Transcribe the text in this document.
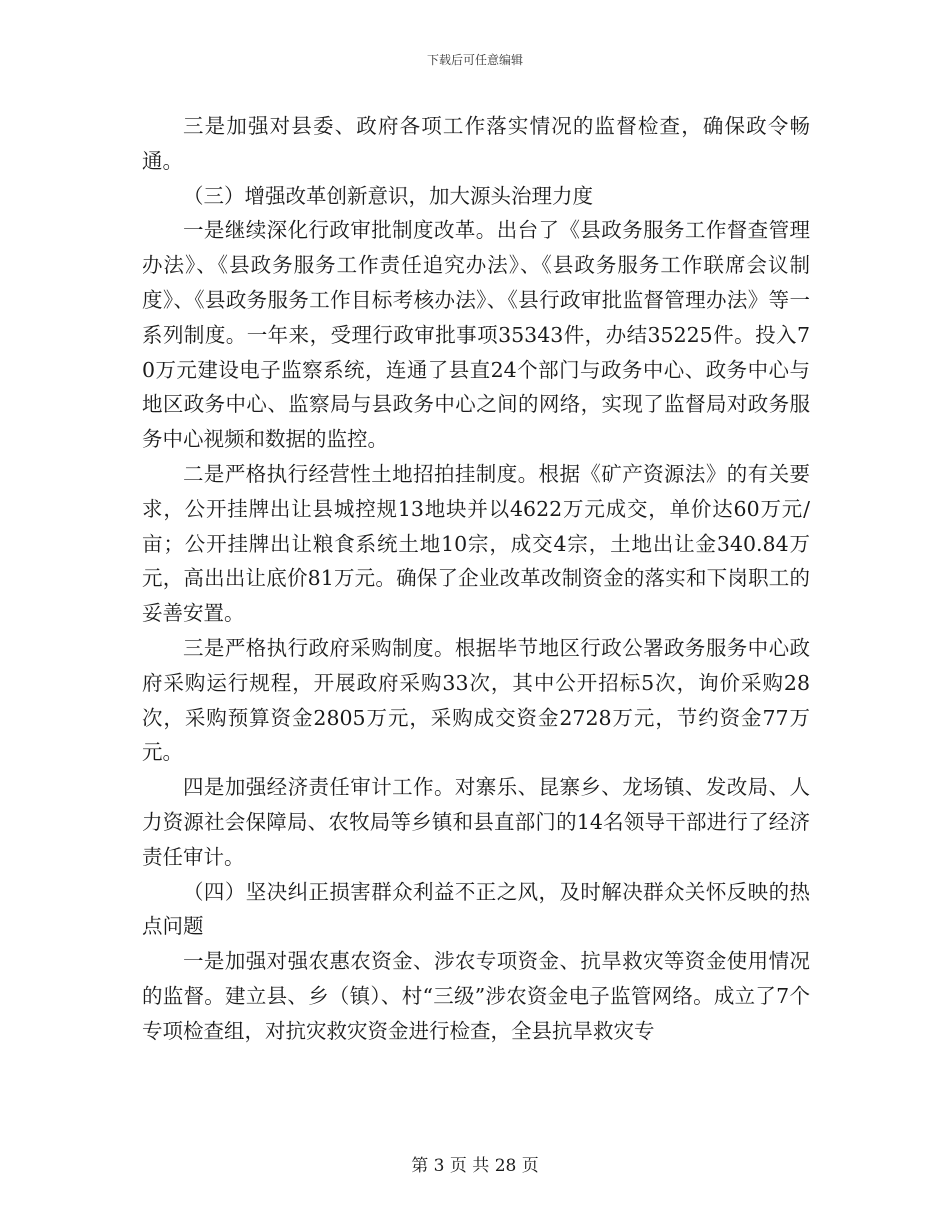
下载后可任意编辑

三是加强对县委、政府各项工作落实情况的监督检查，确保政令畅通。

（三）增强改革创新意识，加大源头治理力度

一是继续深化行政审批制度改革。出台了《县政务服务工作督查管理办法》、《县政务服务工作责任追究办法》、《县政务服务工作联席会议制度》、《县政务服务工作目标考核办法》、《县行政审批监督管理办法》等一系列制度。一年来，受理行政审批事项35343件，办结35225件。投入70万元建设电子监察系统，连通了县直24个部门与政务中心、政务中心与地区政务中心、监察局与县政务中心之间的网络，实现了监督局对政务服务中心视频和数据的监控。

二是严格执行经营性土地招拍挂制度。根据《矿产资源法》的有关要求，公开挂牌出让县城控规13地块并以4622万元成交，单价达60万元/亩；公开挂牌出让粮食系统土地10宗，成交4宗，土地出让金340.84万元，高出出让底价81万元。确保了企业改革改制资金的落实和下岗职工的妥善安置。

三是严格执行政府采购制度。根据毕节地区行政公署政务服务中心政府采购运行规程，开展政府采购33次，其中公开招标5次，询价采购28次，采购预算资金2805万元，采购成交资金2728万元，节约资金77万元。

四是加强经济责任审计工作。对寨乐、昆寨乡、龙场镇、发改局、人力资源社会保障局、农牧局等乡镇和县直部门的14名领导干部进行了经济责任审计。

（四）坚决纠正损害群众利益不正之风，及时解决群众关怀反映的热点问题

一是加强对强农惠农资金、涉农专项资金、抗旱救灾等资金使用情况的监督。建立县、乡（镇）、村“三级”涉农资金电子监管网络。成立了7个专项检查组，对抗灾救灾资金进行检查，全县抗旱救灾专

第 3 页 共 28 页
